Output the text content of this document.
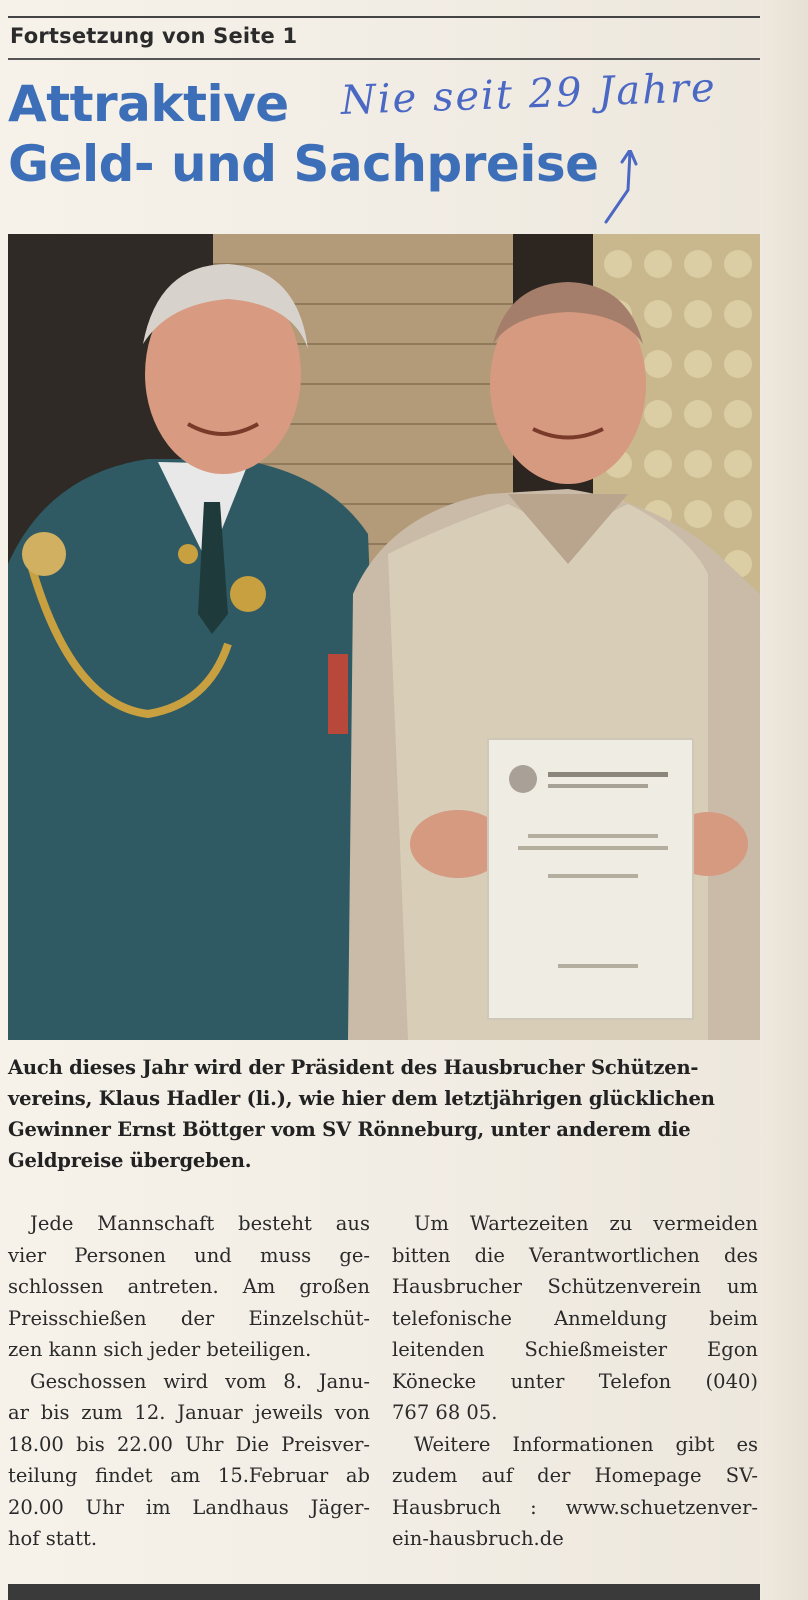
Fortsetzung von Seite 1
Attraktive
Geld- und Sachpreise
Nie seit 29 Jahre
Auch dieses Jahr wird der Präsident des Hausbrucher Schützen-
vereins, Klaus Hadler (li.), wie hier dem letztjährigen glücklichen
Gewinner Ernst Böttger vom SV Rönneburg, unter anderem die
Geldpreise übergeben.
Jede Mannschaft besteht aus
vier Personen und muss ge-
schlossen antreten. Am großen
Preisschießen der Einzelschüt-
zen kann sich jeder beteiligen.
Geschossen wird vom 8. Janu-
ar bis zum 12. Januar jeweils von
18.00 bis 22.00 Uhr Die Preisver-
teilung findet am 15.Februar ab
20.00 Uhr im Landhaus Jäger-
hof statt.
Um Wartezeiten zu vermeiden
bitten die Verantwortlichen des
Hausbrucher Schützenverein um
telefonische Anmeldung beim
leitenden Schießmeister Egon
Könecke unter Telefon (040)
767 68 05.
Weitere Informationen gibt es
zudem auf der Homepage SV-
Hausbruch : www.schuetzenver-
ein-hausbruch.de
